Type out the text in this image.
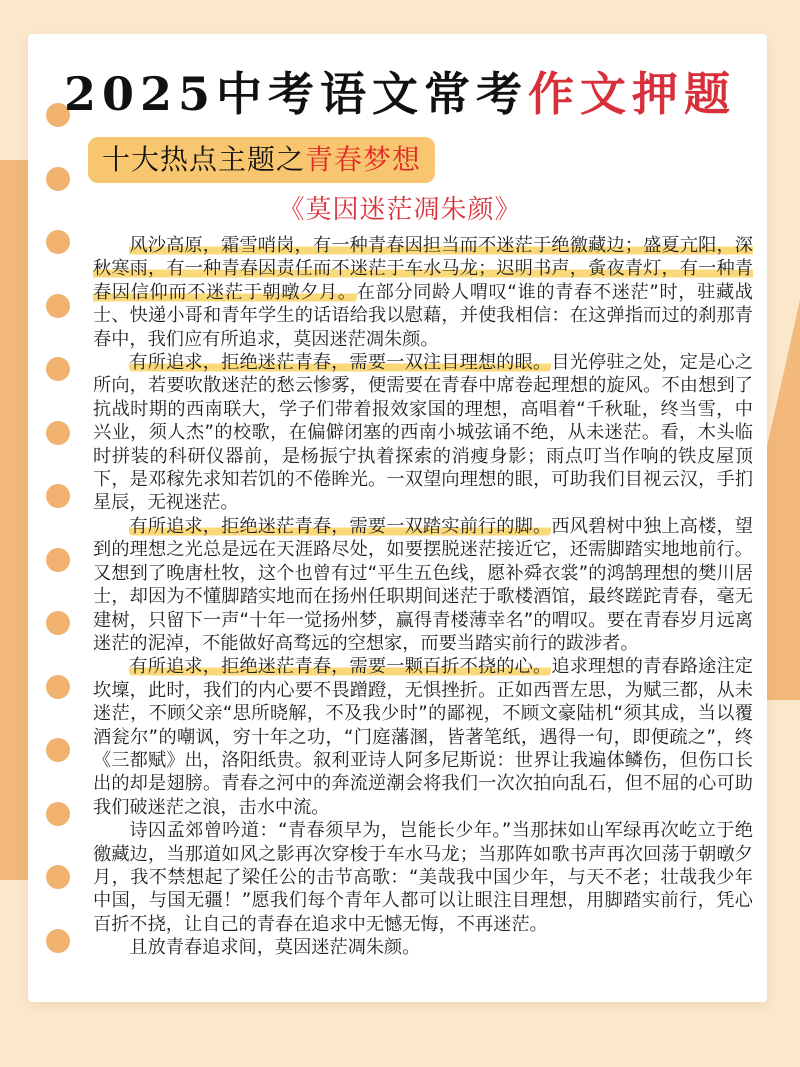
2025中考语文常考作文押题
十大热点主题之青春梦想
《莫因迷茫凋朱颜》

风沙高原，霜雪哨岗，有一种青春因担当而不迷茫于绝徼藏边；盛夏亢阳，深秋寒雨，有一种青春因责任而不迷茫于车水马龙；迟明书声，夤夜青灯，有一种青春因信仰而不迷茫于朝暾夕月。在部分同龄人喟叹“谁的青春不迷茫”时，驻藏战士、快递小哥和青年学生的话语给我以慰藉，并使我相信：在这弹指而过的刹那青春中，我们应有所追求，莫因迷茫凋朱颜。

有所追求，拒绝迷茫青春，需要一双注目理想的眼。目光停驻之处，定是心之所向，若要吹散迷茫的愁云惨雾，便需要在青春中席卷起理想的旋风。不由想到了抗战时期的西南联大，学子们带着报效家国的理想，高唱着“千秋耻，终当雪，中兴业，须人杰”的校歌，在偏僻闭塞的西南小城弦诵不绝，从未迷茫。看，木头临时拼装的科研仪器前，是杨振宁执着探索的消瘦身影；雨点叮当作响的铁皮屋顶下，是邓稼先求知若饥的不倦眸光。一双望向理想的眼，可助我们目视云汉，手扪星辰，无视迷茫。

有所追求，拒绝迷茫青春，需要一双踏实前行的脚。西风碧树中独上高楼，望到的理想之光总是远在天涯路尽处，如要摆脱迷茫接近它，还需脚踏实地地前行。又想到了晚唐杜牧，这个也曾有过“平生五色线，愿补舜衣裳”的鸿鹄理想的樊川居士，却因为不懂脚踏实地而在扬州任职期间迷茫于歌楼酒馆，最终蹉跎青春，毫无建树，只留下一声“十年一觉扬州梦，赢得青楼薄幸名”的喟叹。要在青春岁月远离迷茫的泥淖，不能做好高骛远的空想家，而要当踏实前行的跋涉者。

有所追求，拒绝迷茫青春，需要一颗百折不挠的心。追求理想的青春路途注定坎壈，此时，我们的内心要不畏蹭蹬，无惧挫折。正如西晋左思，为赋三都，从未迷茫，不顾父亲“思所晓解，不及我少时”的鄙视，不顾文豪陆机“须其成，当以覆酒瓮尔”的嘲讽，穷十年之功，“门庭藩溷，皆著笔纸，遇得一句，即便疏之”，终《三都赋》出，洛阳纸贵。叙利亚诗人阿多尼斯说：世界让我遍体鳞伤，但伤口长出的却是翅膀。青春之河中的奔流逆潮会将我们一次次拍向乱石，但不屈的心可助我们破迷茫之浪，击水中流。

诗囚孟郊曾吟道：“青春须早为，岂能长少年。”当那抹如山军绿再次屹立于绝徼藏边，当那道如风之影再次穿梭于车水马龙；当那阵如歌书声再次回荡于朝暾夕月，我不禁想起了梁任公的击节高歌：“美哉我中国少年，与天不老；壮哉我少年中国，与国无疆！”愿我们每个青年人都可以让眼注目理想，用脚踏实前行，凭心百折不挠，让自己的青春在追求中无憾无悔，不再迷茫。

且放青春追求间，莫因迷茫凋朱颜。
